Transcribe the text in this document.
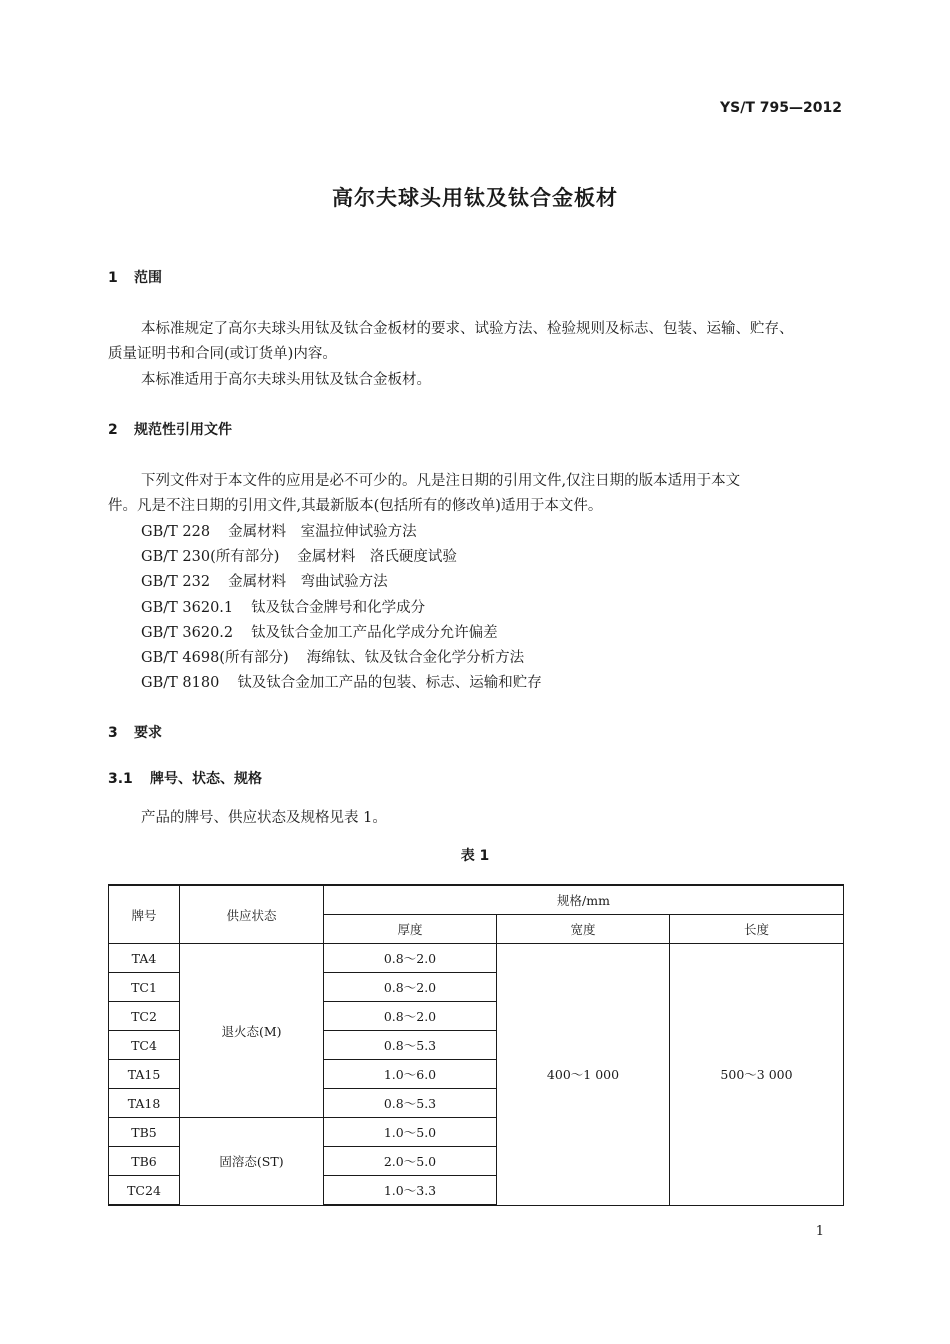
YS/T 795—2012
高尔夫球头用钛及钛合金板材
1 范围
本标准规定了高尔夫球头用钛及钛合金板材的要求、试验方法、检验规则及标志、包装、运输、贮存、
质量证明书和合同(或订货单)内容。
本标准适用于高尔夫球头用钛及钛合金板材。
2 规范性引用文件
下列文件对于本文件的应用是必不可少的。凡是注日期的引用文件,仅注日期的版本适用于本文
件。凡是不注日期的引用文件,其最新版本(包括所有的修改单)适用于本文件。
GB/T 228 金属材料　室温拉伸试验方法
GB/T 230(所有部分) 金属材料　洛氏硬度试验
GB/T 232 金属材料　弯曲试验方法
GB/T 3620.1 钛及钛合金牌号和化学成分
GB/T 3620.2 钛及钛合金加工产品化学成分允许偏差
GB/T 4698(所有部分) 海绵钛、钛及钛合金化学分析方法
GB/T 8180 钛及钛合金加工产品的包装、标志、运输和贮存
3 要求
3.1 牌号、状态、规格
产品的牌号、供应状态及规格见表 1。
表 1
牌号	供应状态	规格/mm		
		厚度	宽度	长度
TA4	退火态(M)	0.8～2.0	400～1 000	500～3 000
TC1		0.8～2.0		
TC2		0.8～2.0		
TC4		0.8～5.3		
TA15		1.0～6.0		
TA18		0.8～5.3		
TB5	固溶态(ST)	1.0～5.0		
TB6		2.0～5.0		
TC24		1.0～3.3		
1
